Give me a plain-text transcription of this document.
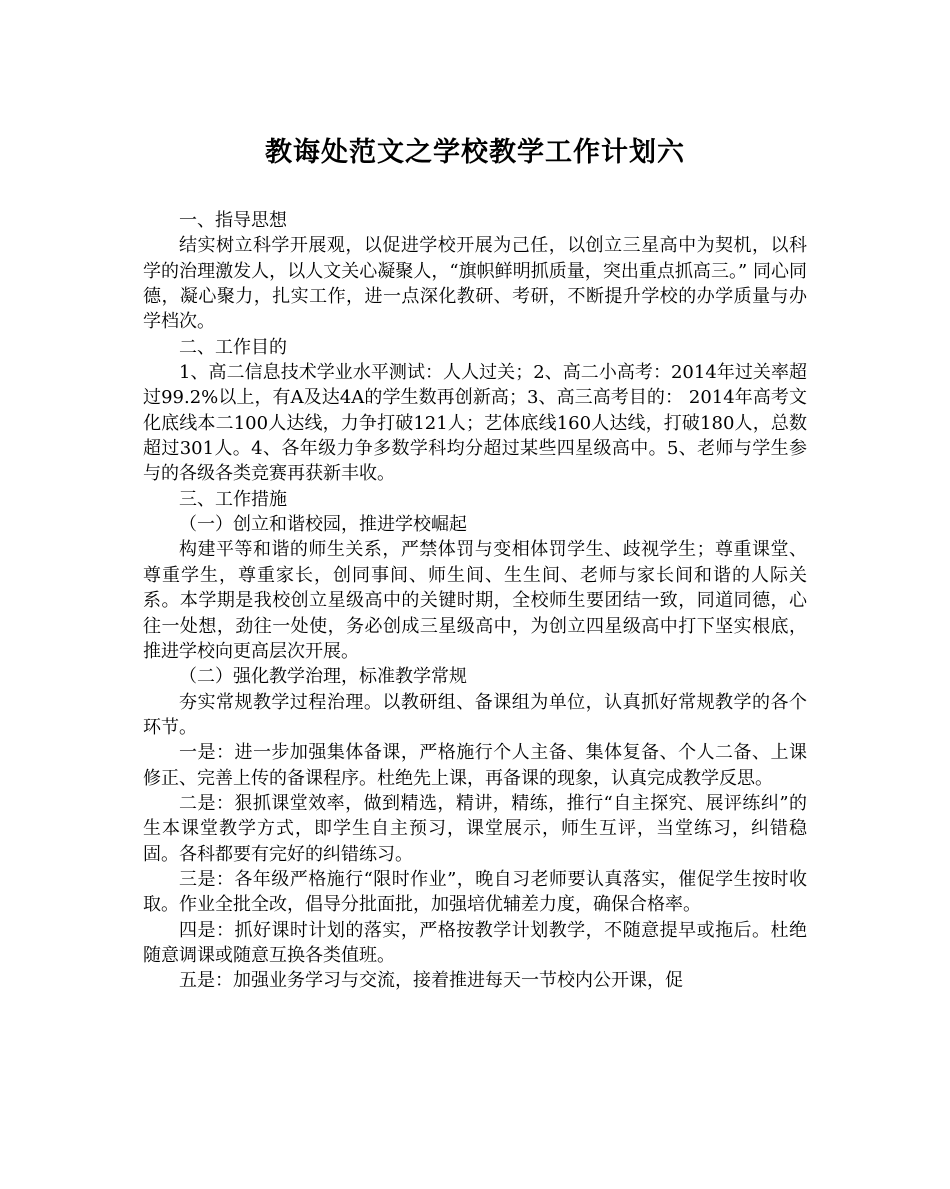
教诲处范文之学校教学工作计划六

一、指导思想

结实树立科学开展观，以促进学校开展为己任，以创立三星高中为契机，以科学的治理激发人，以人文关心凝聚人，“旗帜鲜明抓质量，突出重点抓高三。” 同心同德，凝心聚力，扎实工作，进一点深化教研、考研，不断提升学校的办学质量与办学档次。

二、工作目的

1、高二信息技术学业水平测试：人人过关；2、高二小高考：2014年过关率超过99.2%以上，有A及达4A的学生数再创新高；3、高三高考目的： 2014年高考文化底线本二100人达线，力争打破121人；艺体底线160人达线，打破180人，总数超过301人。4、各年级力争多数学科均分超过某些四星级高中。5、老师与学生参与的各级各类竞赛再获新丰收。

三、工作措施

（一）创立和谐校园，推进学校崛起

构建平等和谐的师生关系，严禁体罚与变相体罚学生、歧视学生；尊重课堂、尊重学生，尊重家长，创同事间、师生间、生生间、老师与家长间和谐的人际关系。本学期是我校创立星级高中的关键时期，全校师生要团结一致，同道同德，心往一处想，劲往一处使，务必创成三星级高中，为创立四星级高中打下坚实根底，推进学校向更高层次开展。

（二）强化教学治理，标准教学常规

夯实常规教学过程治理。以教研组、备课组为单位，认真抓好常规教学的各个环节。

一是：进一步加强集体备课，严格施行个人主备、集体复备、个人二备、上课修正、完善上传的备课程序。杜绝先上课，再备课的现象，认真完成教学反思。

二是：狠抓课堂效率，做到精选，精讲，精练，推行“自主探究、展评练纠”的生本课堂教学方式，即学生自主预习，课堂展示，师生互评，当堂练习，纠错稳固。各科都要有完好的纠错练习。

三是：各年级严格施行“限时作业”，晚自习老师要认真落实，催促学生按时收取。作业全批全改，倡导分批面批，加强培优辅差力度，确保合格率。

四是：抓好课时计划的落实，严格按教学计划教学，不随意提早或拖后。杜绝随意调课或随意互换各类值班。

五是：加强业务学习与交流，接着推进每天一节校内公开课，促
